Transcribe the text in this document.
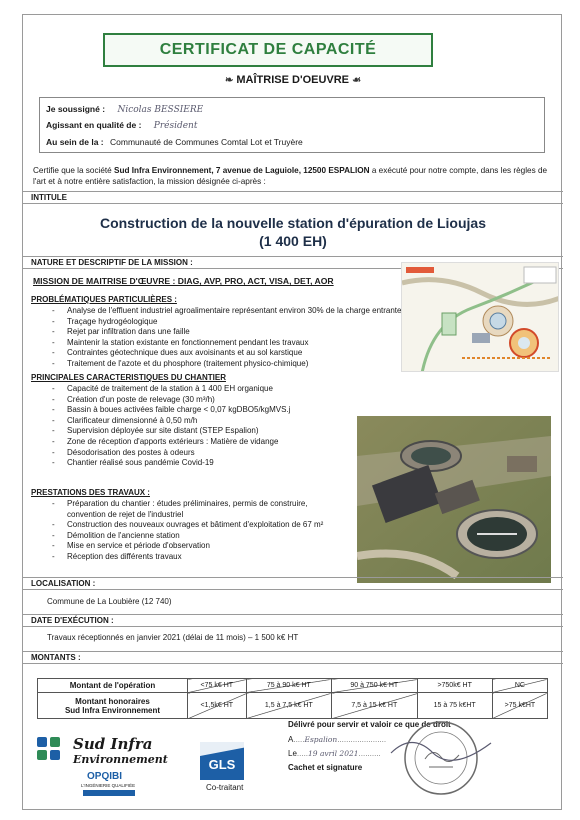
CERTIFICAT DE CAPACITÉ
❧ MAÎTRISE D'OEUVRE ☙
Je soussigné : Nicolas BESSIERE
Agissant en qualité de : Président
Au sein de la : Communauté de Communes Comtal Lot et Truyère
Certifie que la société Sud Infra Environnement, 7 avenue de Laguiole, 12500 ESPALION a exécuté pour notre compte, dans les règles de l'art et à notre entière satisfaction, la mission désignée ci-après :
INTITULE
Construction de la nouvelle station d'épuration de Lioujas
(1 400 EH)
NATURE ET DESCRIPTIF DE LA MISSION :
MISSION DE MAITRISE D'ŒUVRE : DIAG, AVP, PRO, ACT, VISA, DET, AOR
PROBLÉMATIQUES PARTICULIÈRES :
- Analyse de l'effluent industriel agroalimentaire représentant environ 30% de la charge entrante
- Traçage hydrogéologique
- Rejet par infiltration dans une faille
- Maintenir la station existante en fonctionnement pendant les travaux
- Contraintes géotechnique dues aux avoisinants et au sol karstique
- Traitement de l'azote et du phosphore (traitement physico-chimique)
PRINCIPALES CARACTERISTIQUES DU CHANTIER
- Capacité de traitement de la station à 1 400 EH organique
- Création d'un poste de relevage (30 m³/h)
- Bassin à boues activées faible charge < 0,07 kgDBO5/kgMVS.j
- Clarificateur dimensionné à 0,50 m/h
- Supervision déployée sur site distant (STEP Espalion)
- Zone de réception d'apports extérieurs : Matière de vidange
- Désodorisation des postes à odeurs
- Chantier réalisé sous pandémie Covid-19
PRESTATIONS DES TRAVAUX :
- Préparation du chantier : études préliminaires, permis de construire,
convention de rejet de l'industriel
- Construction des nouveaux ouvrages et bâtiment d'exploitation de 67 m²
- Démolition de l'ancienne station
- Mise en service et période d'observation
- Réception des différents travaux
LOCALISATION :
Commune de La Loubière (12 740)
DATE D'EXÉCUTION :
Travaux réceptionnés en janvier 2021 (délai de 11 mois) – 1 500 k€ HT
MONTANTS :
Montant de l'opération	<75 k€ HT	75 à 90 k€ HT	90 à 750 k€ HT	>750k€ HT	NC

Montant honoraires
Sud Infra Environnement	<1,5k€ HT	1,5 à 7,5 k€ HT	7,5 à 15 k€ HT	15 à 75 k€HT	>75 k€HT
Sud Infra
Environnement
OPQIBI
L'INGÉNIERIE QUALIFIÉE
GLS
Co-traitant
Délivré pour servir et valoir ce que de droit
A.....Espalion......................
Le.....19 avril 2021..........
Cachet et signature
